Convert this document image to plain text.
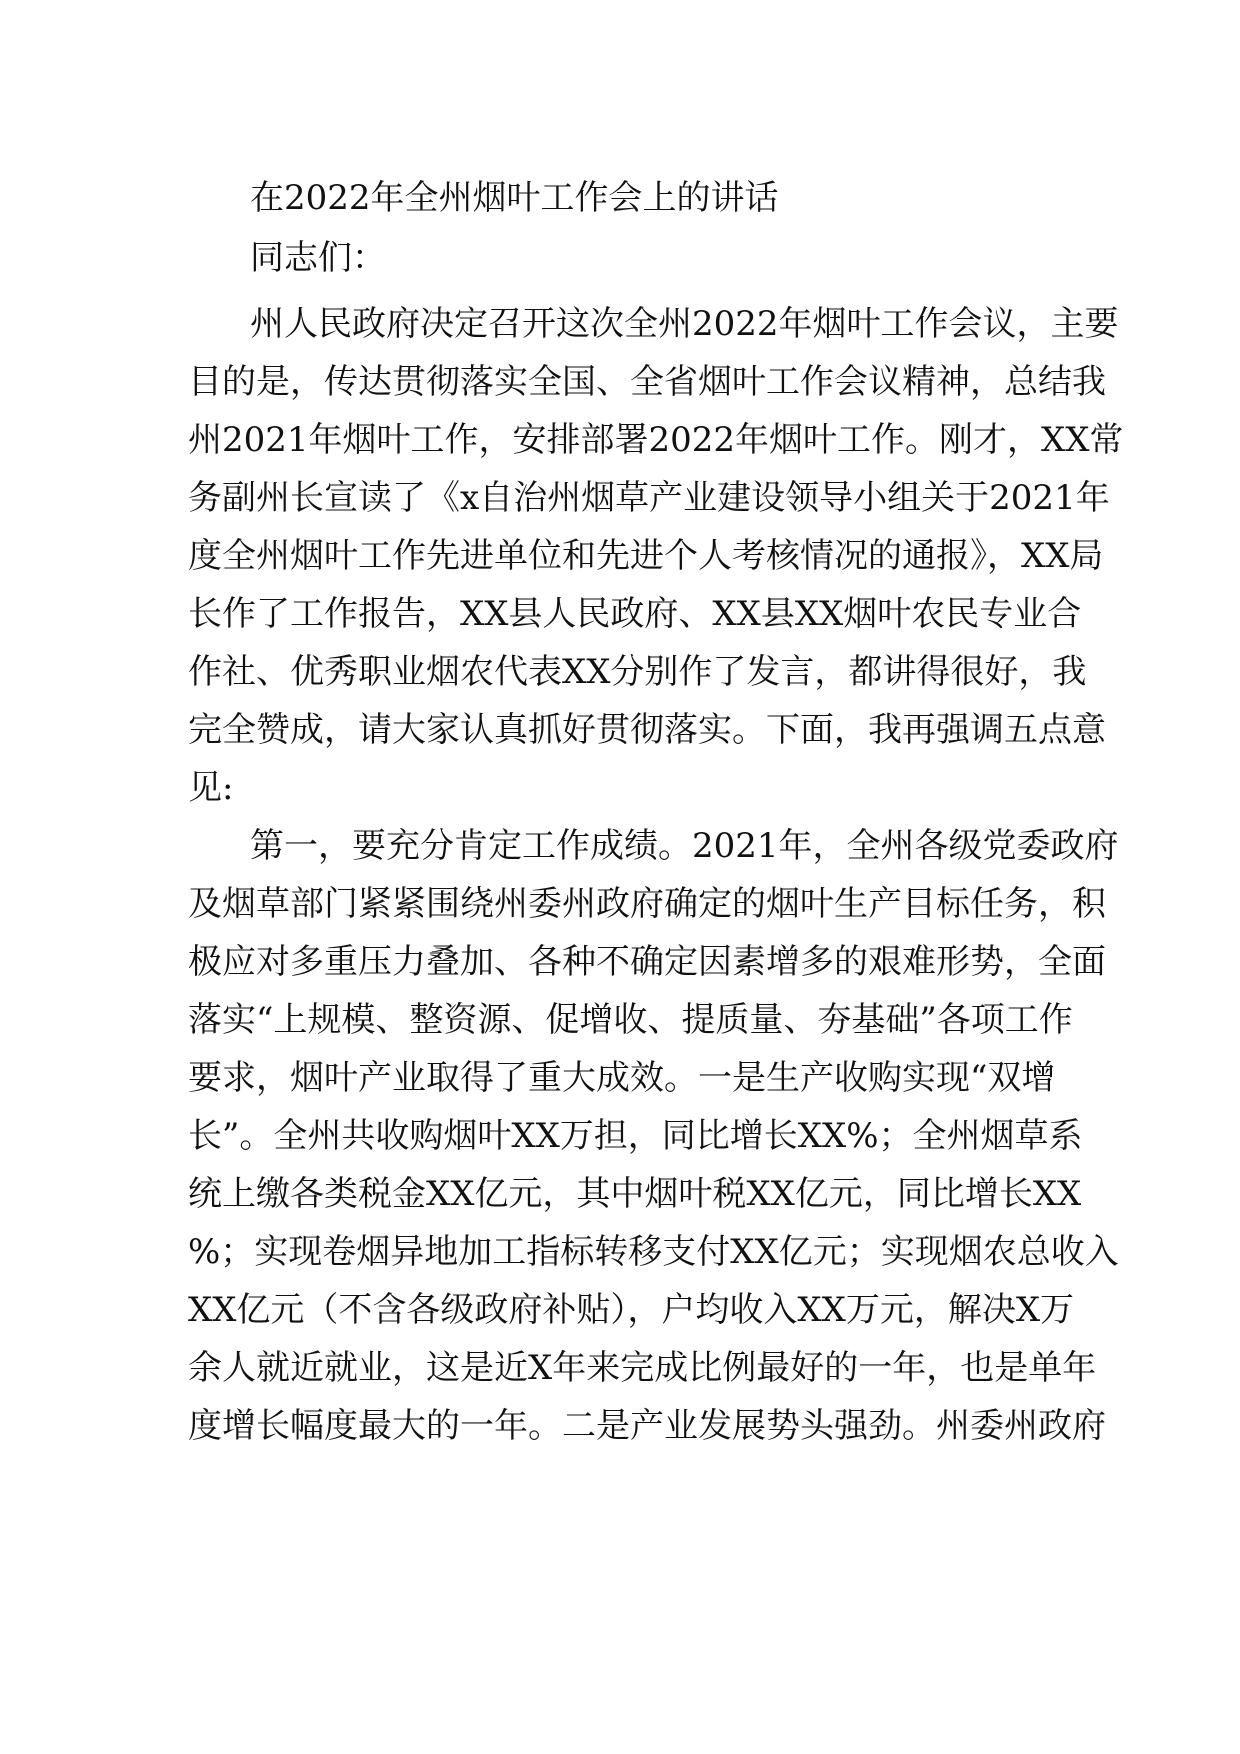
在2022年全州烟叶工作会上的讲话
同志们：
州人民政府决定召开这次全州2022年烟叶工作会议，主要
目的是，传达贯彻落实全国、全省烟叶工作会议精神，总结我
州2021年烟叶工作，安排部署2022年烟叶工作。刚才，XX常
务副州长宣读了《x自治州烟草产业建设领导小组关于2021年
度全州烟叶工作先进单位和先进个人考核情况的通报》，XX局
长作了工作报告，XX县人民政府、XX县XX烟叶农民专业合
作社、优秀职业烟农代表XX分别作了发言，都讲得很好，我
完全赞成，请大家认真抓好贯彻落实。下面，我再强调五点意
见:
第一，要充分肯定工作成绩。2021年，全州各级党委政府
及烟草部门紧紧围绕州委州政府确定的烟叶生产目标任务，积
极应对多重压力叠加、各种不确定因素增多的艰难形势，全面
落实“上规模、整资源、促增收、提质量、夯基础”各项工作
要求，烟叶产业取得了重大成效。一是生产收购实现“双增
长”。全州共收购烟叶XX万担，同比增长XX%；全州烟草系
统上缴各类税金XX亿元，其中烟叶税XX亿元，同比增长XX
%；实现卷烟异地加工指标转移支付XX亿元；实现烟农总收入
XX亿元（不含各级政府补贴），户均收入XX万元，解决X万
余人就近就业，这是近X年来完成比例最好的一年，也是单年
度增长幅度最大的一年。二是产业发展势头强劲。州委州政府
